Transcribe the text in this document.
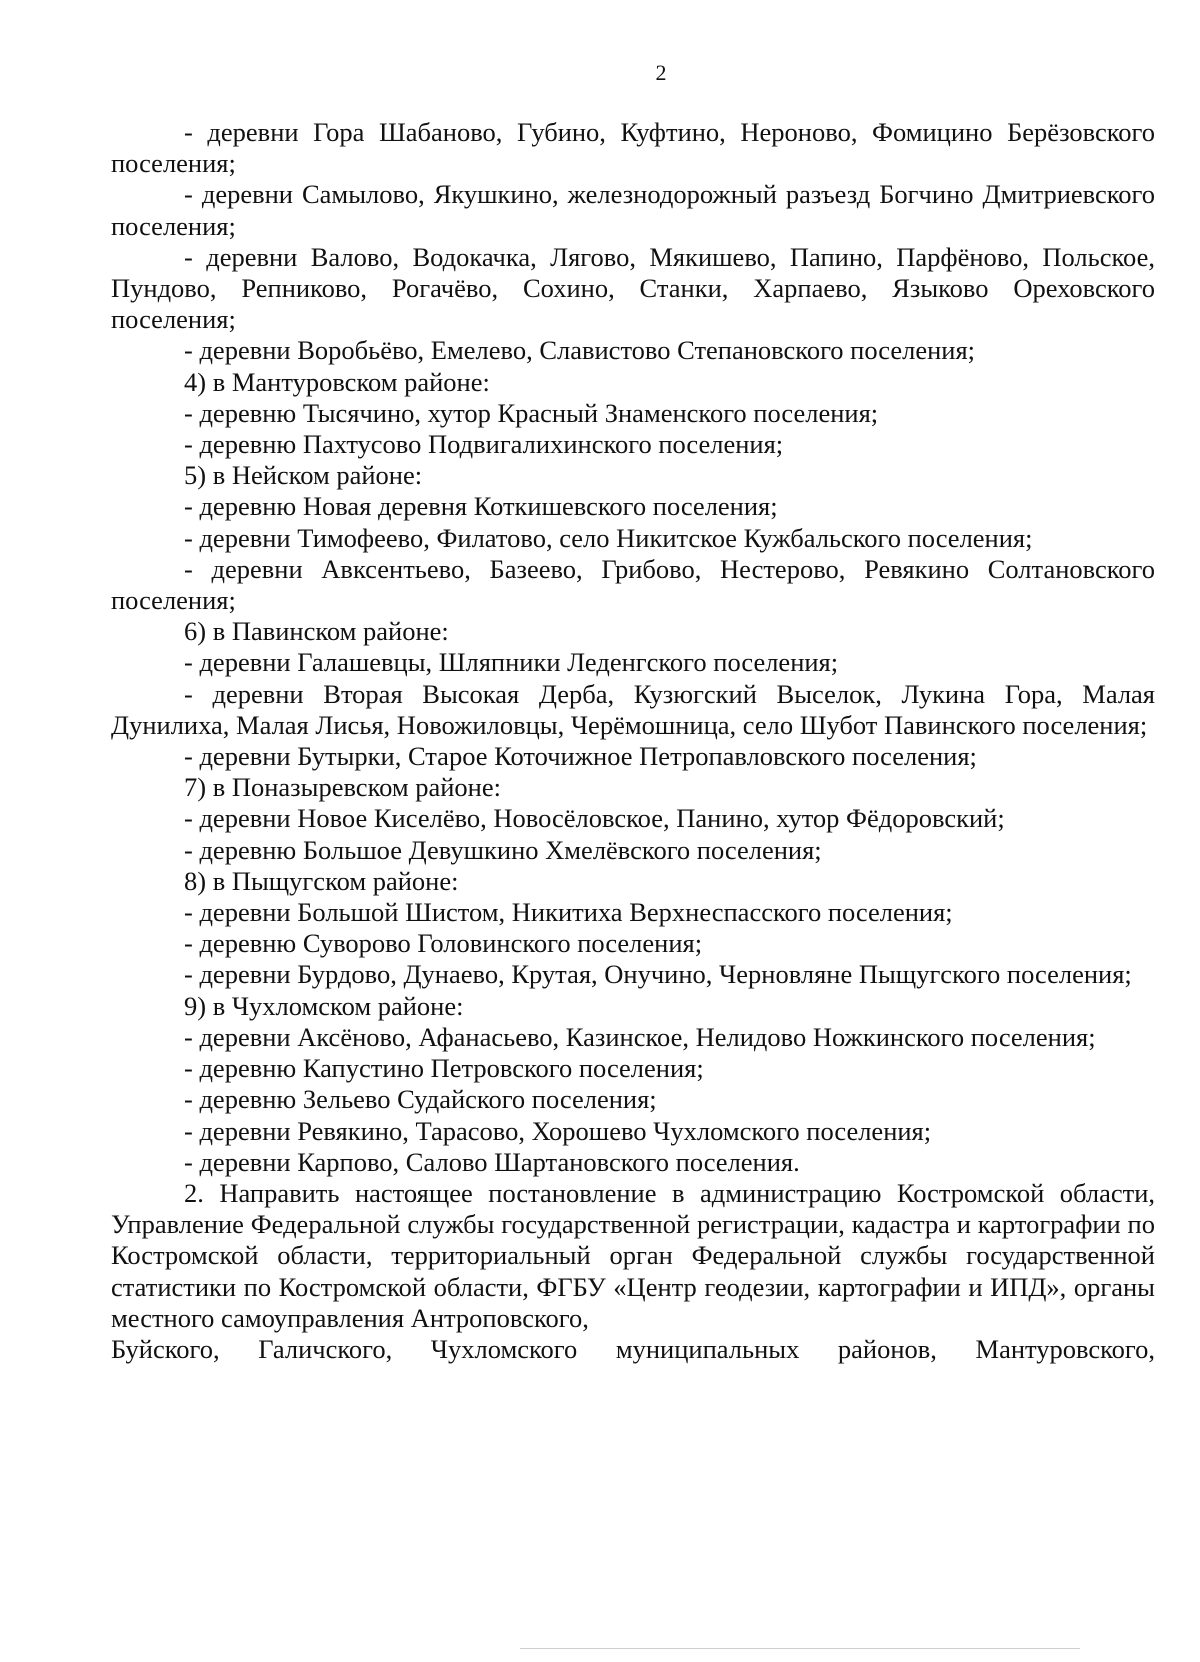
2

- деревни Гора Шабаново, Губино, Куфтино, Нероново, Фомицино Берёзовского поселения;

- деревни Самылово, Якушкино, железнодорожный разъезд Богчино Дмитриевского поселения;

- деревни Валово, Водокачка, Лягово, Мякишево, Папино, Парфёново, Польское, Пундово, Репниково, Рогачёво, Сохино, Станки, Харпаево, Языково Ореховского поселения;

- деревни Воробьёво, Емелево, Славистово Степановского поселения;

4) в Мантуровском районе:

- деревню Тысячино, хутор Красный Знаменского поселения;

- деревню Пахтусово Подвигалихинского поселения;

5) в Нейском районе:

- деревню Новая деревня Коткишевского поселения;

- деревни Тимофеево, Филатово, село Никитское Кужбальского поселения;

- деревни Авксентьево, Базеево, Грибово, Нестерово, Ревякино Солтановского поселения;

6) в Павинском районе:

- деревни Галашевцы, Шляпники Леденгского поселения;

- деревни Вторая Высокая Дерба, Кузюгский Выселок, Лукина Гора, Малая Дунилиха, Малая Лисья, Новожиловцы, Черёмошница, село Шубот Павинского поселения;

- деревни Бутырки, Старое Коточижное Петропавловского поселения;

7) в Поназыревском районе:

- деревни Новое Киселёво, Новосёловское, Панино, хутор Фёдоровский;

- деревню Большое Девушкино Хмелёвского поселения;

8) в Пыщугском районе:

- деревни Большой Шистом, Никитиха Верхнеспасского поселения;

- деревню Суворово Головинского поселения;

- деревни Бурдово, Дунаево, Крутая, Онучино, Черновляне Пыщугского поселения;

9) в Чухломском районе:

- деревни Аксёново, Афанасьево, Казинское, Нелидово Ножкинского поселения;

- деревню Капустино Петровского поселения;

- деревню Зельево Судайского поселения;

- деревни Ревякино, Тарасово, Хорошево Чухломского поселения;

- деревни Карпово, Салово Шартановского поселения.

2. Направить настоящее постановление в администрацию Костромской области, Управление Федеральной службы государственной регистрации, кадастра и картографии по Костромской области, территориальный орган Федеральной службы государственной статистики по Костромской области, ФГБУ «Центр геодезии, картографии и ИПД», органы местного самоуправления Антроповского,

Буйского, Галичского, Чухломского муниципальных районов, Мантуровского,
